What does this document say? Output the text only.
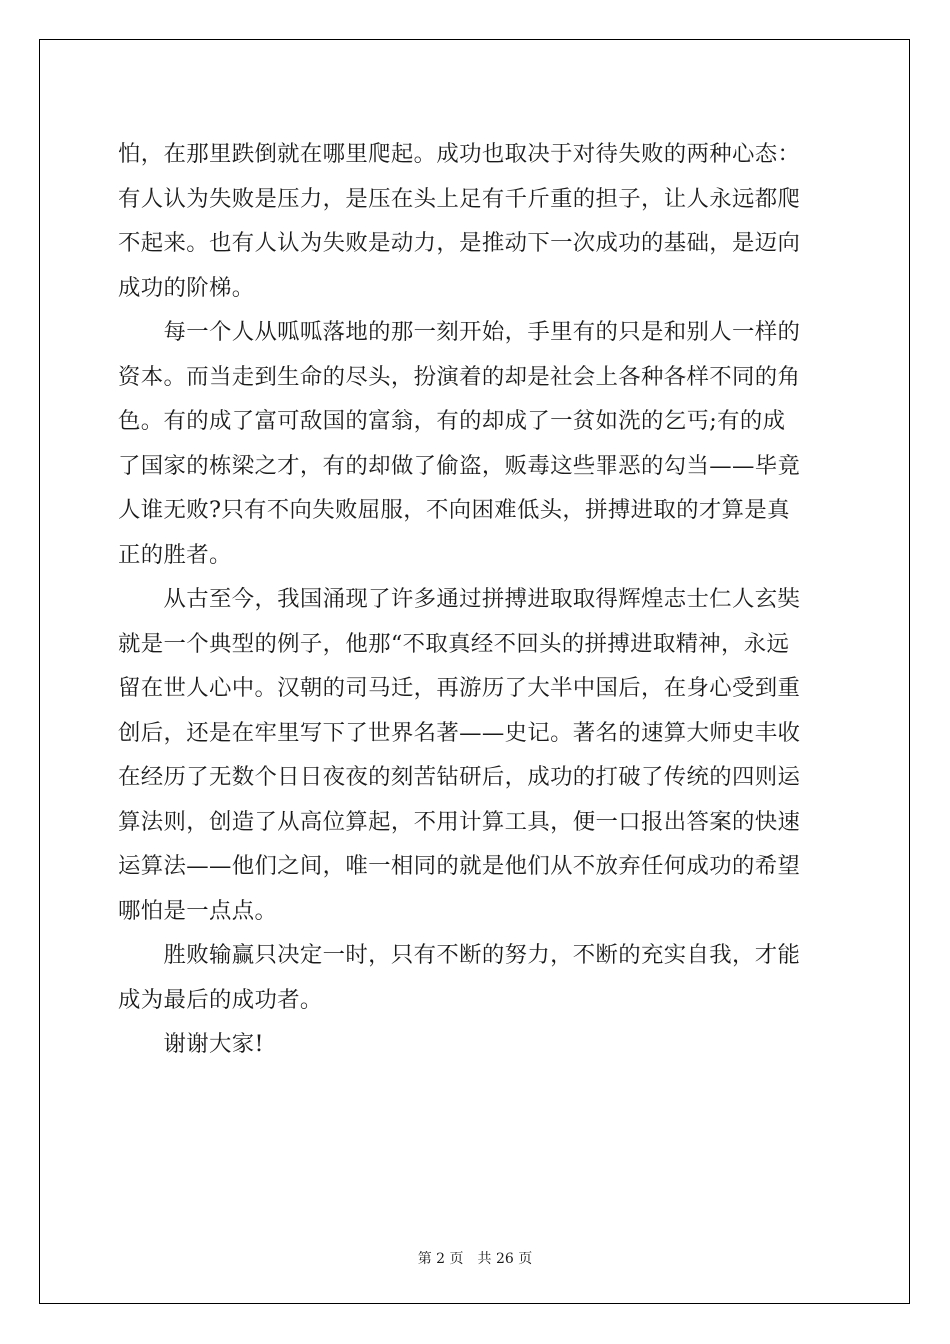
怕，在那里跌倒就在哪里爬起。成功也取决于对待失败的两种心态：

有人认为失败是压力，是压在头上足有千斤重的担子，让人永远都爬

不起来。也有人认为失败是动力，是推动下一次成功的基础，是迈向

成功的阶梯。

　　每一个人从呱呱落地的那一刻开始，手里有的只是和别人一样的

资本。而当走到生命的尽头，扮演着的却是社会上各种各样不同的角

色。有的成了富可敌国的富翁，有的却成了一贫如洗的乞丐;有的成

了国家的栋梁之才，有的却做了偷盗，贩毒这些罪恶的勾当——毕竟

人谁无败?只有不向失败屈服，不向困难低头，拼搏进取的才算是真

正的胜者。

　　从古至今，我国涌现了许多通过拼搏进取取得辉煌志士仁人玄奘

就是一个典型的例子，他那“不取真经不回头的拼搏进取精神，永远

留在世人心中。汉朝的司马迁，再游历了大半中国后，在身心受到重

创后，还是在牢里写下了世界名著——史记。著名的速算大师史丰收

在经历了无数个日日夜夜的刻苦钻研后，成功的打破了传统的四则运

算法则，创造了从高位算起，不用计算工具，便一口报出答案的快速

运算法——他们之间，唯一相同的就是他们从不放弃任何成功的希望

哪怕是一点点。

　　胜败输赢只决定一时，只有不断的努力，不断的充实自我，才能

成为最后的成功者。

　　谢谢大家!

第 2 页　共 26 页
